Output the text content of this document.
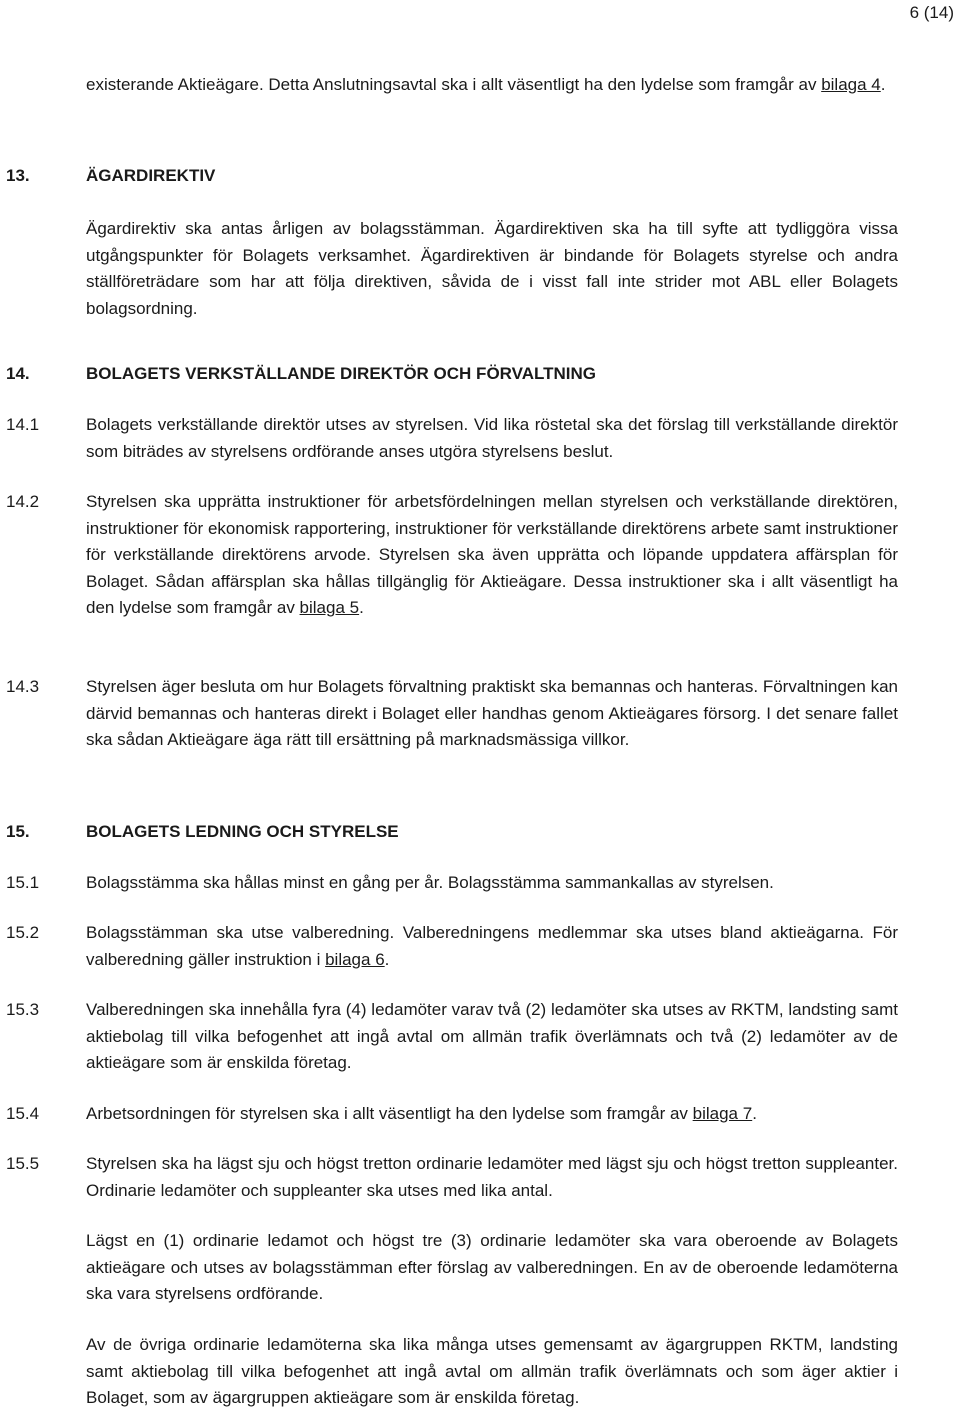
6 (14)
existerande Aktieägare. Detta Anslutningsavtal ska i allt väsentligt ha den lydelse som framgår av bilaga 4.
13.	ÄGARDIREKTIV
Ägardirektiv ska antas årligen av bolagsstämman. Ägardirektiven ska ha till syfte att tydliggöra vissa utgångspunkter för Bolagets verksamhet. Ägardirektiven är bindande för Bolagets styrelse och andra ställföreträdare som har att följa direktiven, såvida de i visst fall inte strider mot ABL eller Bolagets bolagsordning.
14.	BOLAGETS VERKSTÄLLANDE DIREKTÖR OCH FÖRVALTNING
14.1	Bolagets verkställande direktör utses av styrelsen. Vid lika röstetal ska det förslag till verkställande direktör som biträdes av styrelsens ordförande anses utgöra styrelsens beslut.
14.2	Styrelsen ska upprätta instruktioner för arbetsfördelningen mellan styrelsen och verkställande direktören, instruktioner för ekonomisk rapportering, instruktioner för verkställande direktörens arbete samt instruktioner för verkställande direktörens arvode. Styrelsen ska även upprätta och löpande uppdatera affärsplan för Bolaget. Sådan affärsplan ska hållas tillgänglig för Aktieägare. Dessa instruktioner ska i allt väsentligt ha den lydelse som framgår av bilaga 5.
14.3	Styrelsen äger besluta om hur Bolagets förvaltning praktiskt ska bemannas och hanteras. Förvaltningen kan därvid bemannas och hanteras direkt i Bolaget eller handhas genom Aktieägares försorg. I det senare fallet ska sådan Aktieägare äga rätt till ersättning på marknadsmässiga villkor.
15.	BOLAGETS LEDNING OCH STYRELSE
15.1	Bolagsstämma ska hållas minst en gång per år. Bolagsstämma sammankallas av styrelsen.
15.2	Bolagsstämman ska utse valberedning. Valberedningens medlemmar ska utses bland aktieägarna. För valberedning gäller instruktion i bilaga 6.
15.3	Valberedningen ska innehålla fyra (4) ledamöter varav två (2) ledamöter ska utses av RKTM, landsting samt aktiebolag till vilka befogenhet att ingå avtal om allmän trafik överlämnats och två (2) ledamöter av de aktieägare som är enskilda företag.
15.4	Arbetsordningen för styrelsen ska i allt väsentligt ha den lydelse som framgår av bilaga 7.
15.5	Styrelsen ska ha lägst sju och högst tretton ordinarie ledamöter med lägst sju och högst tretton suppleanter. Ordinarie ledamöter och suppleanter ska utses med lika antal.
Lägst en (1) ordinarie ledamot och högst tre (3) ordinarie ledamöter ska vara oberoende av Bolagets aktieägare och utses av bolagsstämman efter förslag av valberedningen. En av de oberoende ledamöterna ska vara styrelsens ordförande.
Av de övriga ordinarie ledamöterna ska lika många utses gemensamt av ägargruppen RKTM, landsting samt aktiebolag till vilka befogenhet att ingå avtal om allmän trafik överlämnats och som äger aktier i Bolaget, som av ägargruppen aktieägare som är enskilda företag.
